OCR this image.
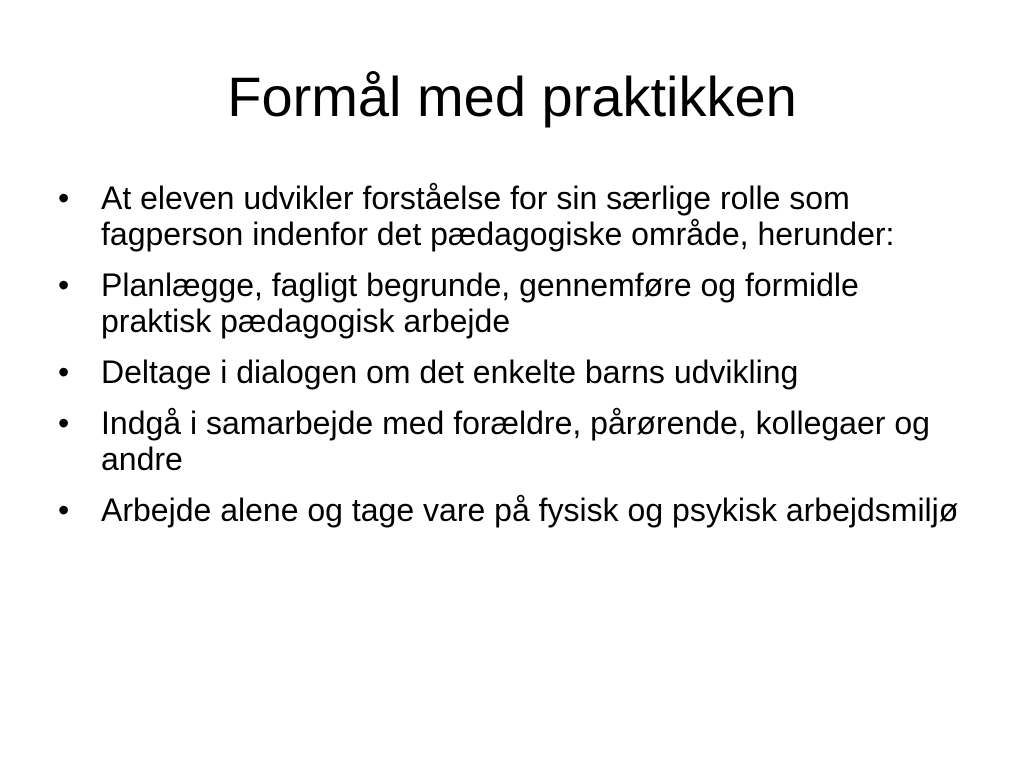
Formål med praktikken
• At eleven udvikler forståelse for sin særlige rolle som fagperson indenfor det pædagogiske område, herunder:
• Planlægge, fagligt begrunde, gennemføre og formidle praktisk pædagogisk arbejde
• Deltage i dialogen om det enkelte barns udvikling
• Indgå i samarbejde med forældre, pårørende, kollegaer og andre
• Arbejde alene og tage vare på fysisk og psykisk arbejdsmiljø
